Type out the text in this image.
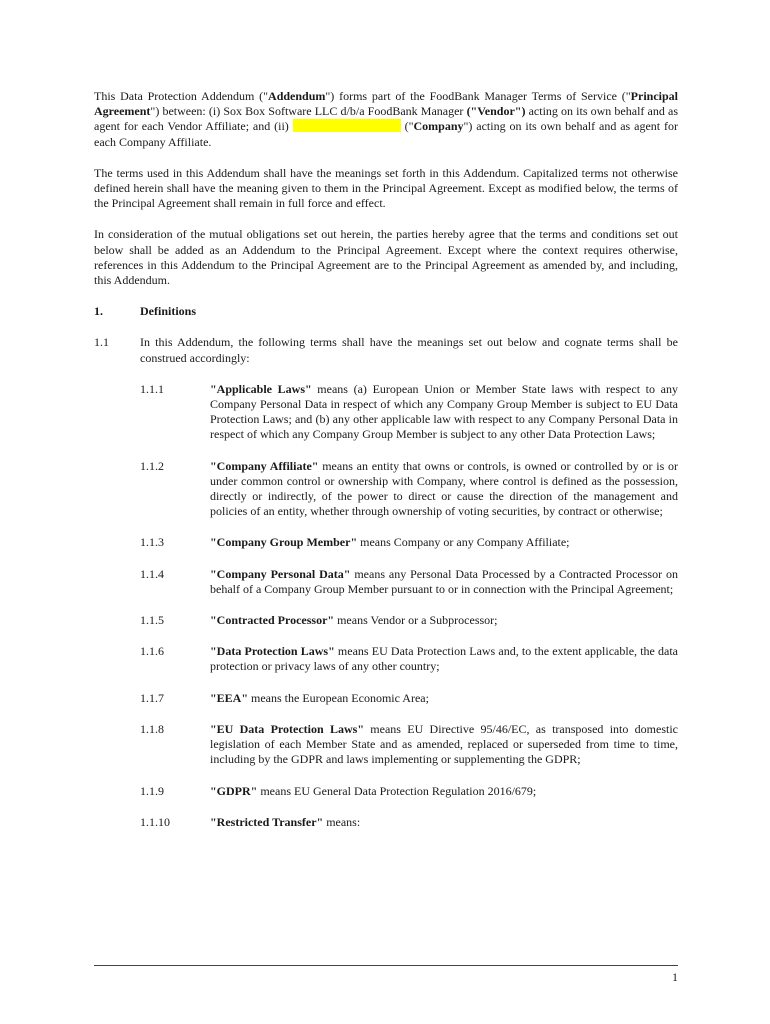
This Data Protection Addendum ("Addendum") forms part of the FoodBank Manager Terms of Service ("Principal Agreement") between: (i) Sox Box Software LLC d/b/a FoodBank Manager ("Vendor") acting on its own behalf and as agent for each Vendor Affiliate; and (ii)	("Company") acting on its own behalf and as agent for each Company Affiliate.

The terms used in this Addendum shall have the meanings set forth in this Addendum. Capitalized terms not otherwise defined herein shall have the meaning given to them in the Principal Agreement. Except as modified below, the terms of the Principal Agreement shall remain in full force and effect.

In consideration of the mutual obligations set out herein, the parties hereby agree that the terms and conditions set out below shall be added as an Addendum to the Principal Agreement. Except where the context requires otherwise, references in this Addendum to the Principal Agreement are to the Principal Agreement as amended by, and including, this Addendum.

1.	Definitions
1.1	In this Addendum, the following terms shall have the meanings set out below and cognate terms shall be construed accordingly:
1.1.1	"Applicable Laws" means (a) European Union or Member State laws with respect to any Company Personal Data in respect of which any Company Group Member is subject to EU Data Protection Laws; and (b) any other applicable law with respect to any Company Personal Data in respect of which any Company Group Member is subject to any other Data Protection Laws;
1.1.2	"Company Affiliate" means an entity that owns or controls, is owned or controlled by or is or under common control or ownership with Company, where control is defined as the possession, directly or indirectly, of the power to direct or cause the direction of the management and policies of an entity, whether through ownership of voting securities, by contract or otherwise;
1.1.3	"Company Group Member" means Company or any Company Affiliate;
1.1.4	"Company Personal Data" means any Personal Data Processed by a Contracted Processor on behalf of a Company Group Member pursuant to or in connection with the Principal Agreement;
1.1.5	"Contracted Processor" means Vendor or a Subprocessor;
1.1.6	"Data Protection Laws" means EU Data Protection Laws and, to the extent applicable, the data protection or privacy laws of any other country;
1.1.7	"EEA" means the European Economic Area;
1.1.8	"EU Data Protection Laws" means EU Directive 95/46/EC, as transposed into domestic legislation of each Member State and as amended, replaced or superseded from time to time, including by the GDPR and laws implementing or supplementing the GDPR;
1.1.9	"GDPR" means EU General Data Protection Regulation 2016/679;
1.1.10	"Restricted Transfer" means:
1
